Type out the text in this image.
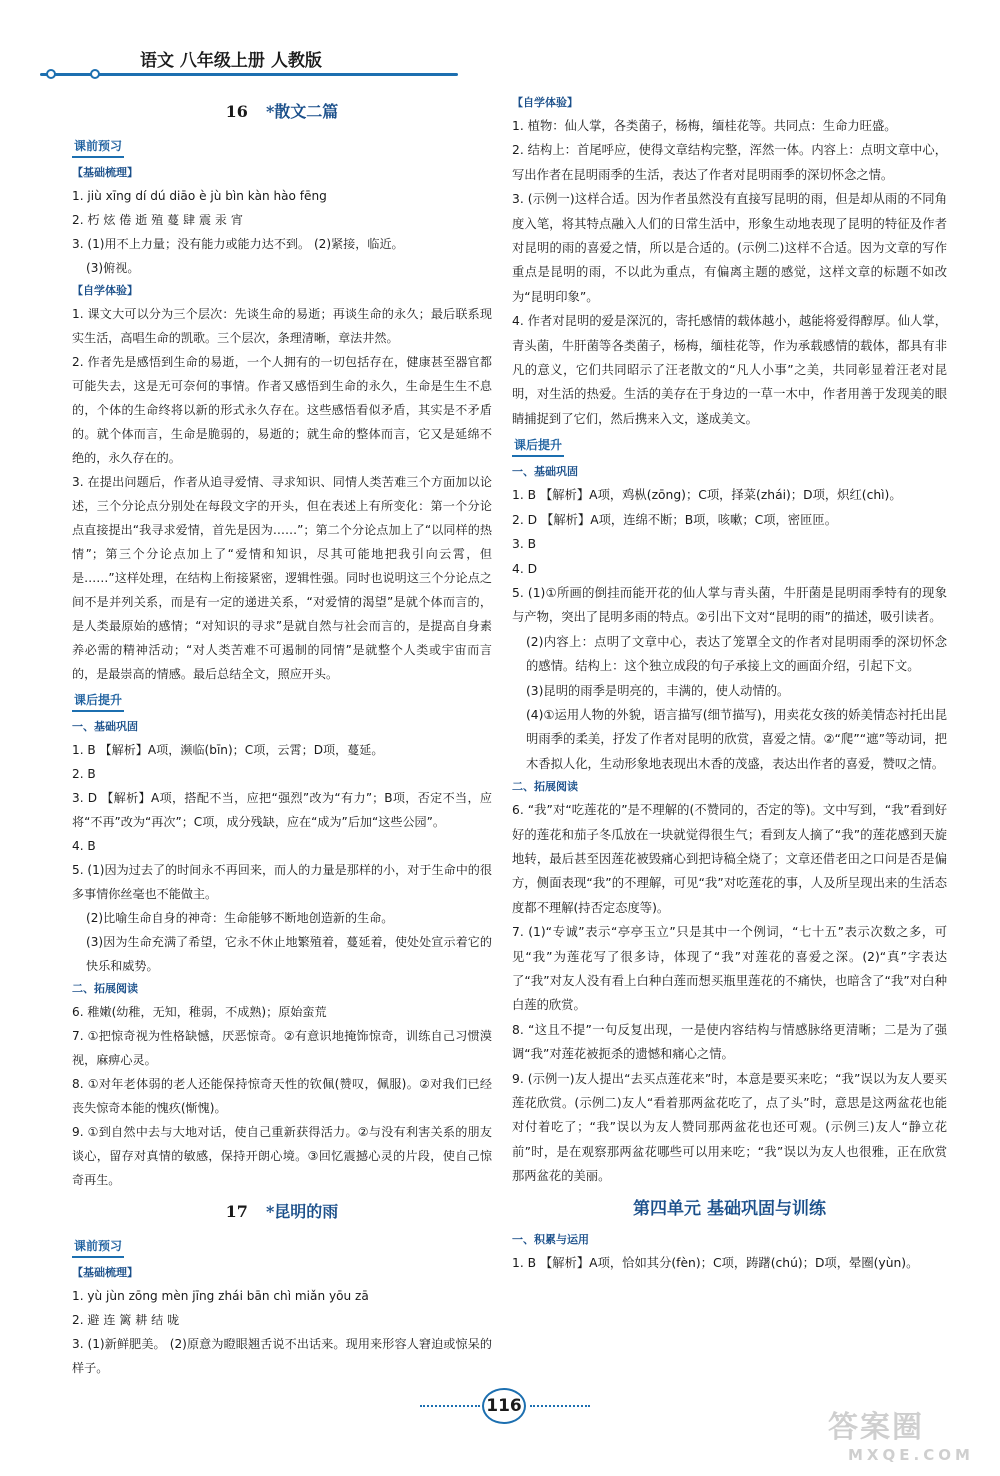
语文 八年级上册 人教版
16 *散文二篇
课前预习
【基础梳理】

1. jiù xīng dí dú diāo è jù bìn kàn hào fēng

2. 朽 炫 倦 逝 殖 蔓 肆 震 汞 宵

3. (1)用不上力量；没有能力或能力达不到。 (2)紧接，临近。

(3)俯视。

【自学体验】

1. 课文大可以分为三个层次：先谈生命的易逝；再谈生命的永久；最后联系现实生活，高唱生命的凯歌。三个层次，条理清晰，章法井然。

2. 作者先是感悟到生命的易逝，一个人拥有的一切包括存在，健康甚至器官都可能失去，这是无可奈何的事情。作者又感悟到生命的永久，生命是生生不息的，个体的生命终将以新的形式永久存在。这些感悟看似矛盾，其实是不矛盾的。就个体而言，生命是脆弱的，易逝的；就生命的整体而言，它又是延绵不绝的，永久存在的。

3. 在提出问题后，作者从追寻爱情、寻求知识、同情人类苦难三个方面加以论述，三个分论点分别处在每段文字的开头，但在表述上有所变化：第一个分论点直接提出“我寻求爱情，首先是因为……”；第二个分论点加上了“以同样的热情”；第三个分论点加上了“爱情和知识，尽其可能地把我引向云霄，但是……”这样处理，在结构上衔接紧密，逻辑性强。同时也说明这三个分论点之间不是并列关系，而是有一定的递进关系，“对爱情的渴望”是就个体而言的，是人类最原始的感情；“对知识的寻求”是就自然与社会而言的，是提高自身素养必需的精神活动；“对人类苦难不可遏制的同情”是就整个人类或宇宙而言的，是最崇高的情感。最后总结全文，照应开头。

课后提升
一、基础巩固

1. B 【解析】A项，濒临(bīn)；C项，云霄；D项，蔓延。

2. B

3. D 【解析】A项，搭配不当，应把“强烈”改为“有力”；B项，否定不当，应将“不再”改为“再次”；C项，成分残缺，应在“成为”后加“这些公园”。

4. B

5. (1)因为过去了的时间永不再回来，而人的力量是那样的小，对于生命中的很多事情你丝毫也不能做主。

(2)比喻生命自身的神奇：生命能够不断地创造新的生命。

(3)因为生命充满了希望，它永不休止地繁殖着，蔓延着，使处处宣示着它的快乐和威势。

二、拓展阅读

6. 稚嫩(幼稚，无知，稚弱，不成熟)；原始蛮荒

7. ①把惊奇视为性格缺憾，厌恶惊奇。②有意识地掩饰惊奇，训练自己习惯漠视，麻痹心灵。

8. ①对年老体弱的老人还能保持惊奇天性的钦佩(赞叹，佩服)。②对我们已经丧失惊奇本能的愧疚(惭愧)。

9. ①到自然中去与大地对话，使自己重新获得活力。②与没有利害关系的朋友谈心，留存对真情的敏感，保持开朗心境。③回忆震撼心灵的片段，使自己惊奇再生。

17 *昆明的雨
课前预习
【基础梳理】

1. yù jùn zōng mèn jīng zhái bān chì miǎn yōu zā

2. 避 连 篱 耕 结 咙

3. (1)新鲜肥美。 (2)原意为瞪眼翘舌说不出话来。现用来形容人窘迫或惊呆的样子。

【自学体验】

1. 植物：仙人掌，各类菌子，杨梅，缅桂花等。共同点：生命力旺盛。

2. 结构上：首尾呼应，使得文章结构完整，浑然一体。内容上：点明文章中心，写出作者在昆明雨季的生活，表达了作者对昆明雨季的深切怀念之情。

3. (示例一)这样合适。因为作者虽然没有直接写昆明的雨，但是却从雨的不同角度入笔，将其特点融入人们的日常生活中，形象生动地表现了昆明的特征及作者对昆明的雨的喜爱之情，所以是合适的。(示例二)这样不合适。因为文章的写作重点是昆明的雨，不以此为重点，有偏离主题的感觉，这样文章的标题不如改为“昆明印象”。

4. 作者对昆明的爱是深沉的，寄托感情的载体越小，越能将爱得醇厚。仙人掌，青头菌，牛肝菌等各类菌子，杨梅，缅桂花等，作为承载感情的载体，都具有非凡的意义，它们共同昭示了汪老散文的“凡人小事”之美，共同彰显着汪老对昆明，对生活的热爱。生活的美存在于身边的一草一木中，作者用善于发现美的眼睛捕捉到了它们，然后携来入文，遂成美文。

课后提升
一、基础巩固

1. B 【解析】A项，鸡枞(zōng)；C项，择菜(zhái)；D项，炽红(chì)。

2. D 【解析】A项，连绵不断；B项，咳嗽；C项，密匝匝。

3. B

4. D

5. (1)①所画的倒挂而能开花的仙人掌与青头菌，牛肝菌是昆明雨季特有的现象与产物，突出了昆明多雨的特点。②引出下文对“昆明的雨”的描述，吸引读者。

(2)内容上：点明了文章中心，表达了笼罩全文的作者对昆明雨季的深切怀念的感情。结构上：这个独立成段的句子承接上文的画面介绍，引起下文。

(3)昆明的雨季是明亮的，丰满的，使人动情的。

(4)①运用人物的外貌，语言描写(细节描写)，用卖花女孩的娇美情态衬托出昆明雨季的柔美，抒发了作者对昆明的欣赏，喜爱之情。②“爬”“遮”等动词，把木香拟人化，生动形象地表现出木香的茂盛，表达出作者的喜爱，赞叹之情。

二、拓展阅读

6. “我”对“吃莲花的”是不理解的(不赞同的，否定的等)。文中写到，“我”看到好好的莲花和茄子冬瓜放在一块就觉得很生气；看到友人摘了“我”的莲花感到天旋地转，最后甚至因莲花被毁痛心到把诗稿全烧了；文章还借老田之口问是否是偏方，侧面表现“我”的不理解，可见“我”对吃莲花的事，人及所呈现出来的生活态度都不理解(持否定态度等)。

7. (1)“专诚”表示“亭亭玉立”只是其中一个例词，“七十五”表示次数之多，可见“我”为莲花写了很多诗，体现了“我”对莲花的喜爱之深。(2)“真”字表达了“我”对友人没有看上白种白莲而想买瓶里莲花的不痛快，也暗含了“我”对白种白莲的欣赏。

8. “这且不提”一句反复出现，一是使内容结构与情感脉络更清晰；二是为了强调“我”对莲花被扼杀的遗憾和痛心之情。

9. (示例一)友人提出“去买点莲花来”时，本意是要买来吃；“我”误以为友人要买莲花欣赏。(示例二)友人“看着那两盆花吃了，点了头”时，意思是这两盆花也能对付着吃了；“我”误以为友人赞同那两盆花也还可观。(示例三)友人“静立花前”时，是在观察那两盆花哪些可以用来吃；“我”误以为友人也很雅，正在欣赏那两盆花的美丽。

第四单元 基础巩固与训练
一、积累与运用

1. B 【解析】A项，恰如其分(fèn)；C项，踌躇(chú)；D项，晕圈(yùn)。

116
答案圈
MXQE.COM
